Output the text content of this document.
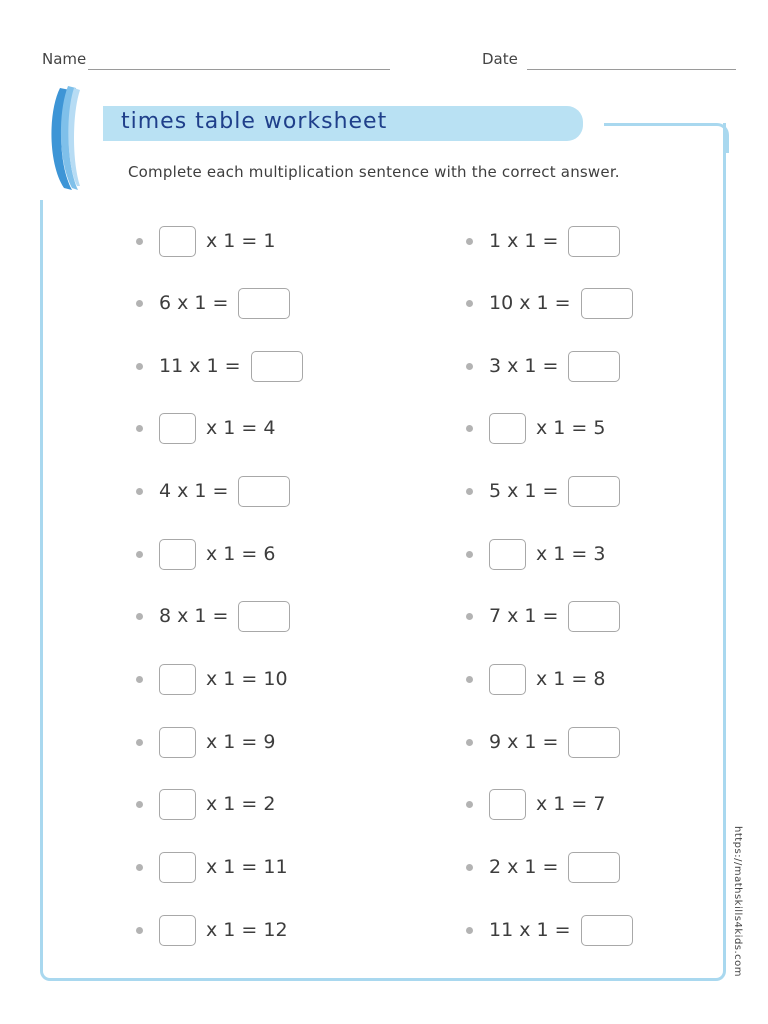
Name	Date
times table worksheet
Complete each multiplication sentence with the correct answer.
x 1 = 1
6 x 1 =
11 x 1 =
x 1 = 4
4 x 1 =
x 1 = 6
8 x 1 =
x 1 = 10
x 1 = 9
x 1 = 2
x 1 = 11
x 1 = 12
1 x 1 =
10 x 1 =
3 x 1 =
x 1 = 5
5 x 1 =
x 1 = 3
7 x 1 =
x 1 = 8
9 x 1 =
x 1 = 7
2 x 1 =
11 x 1 =	https://mathskills4kids.com
